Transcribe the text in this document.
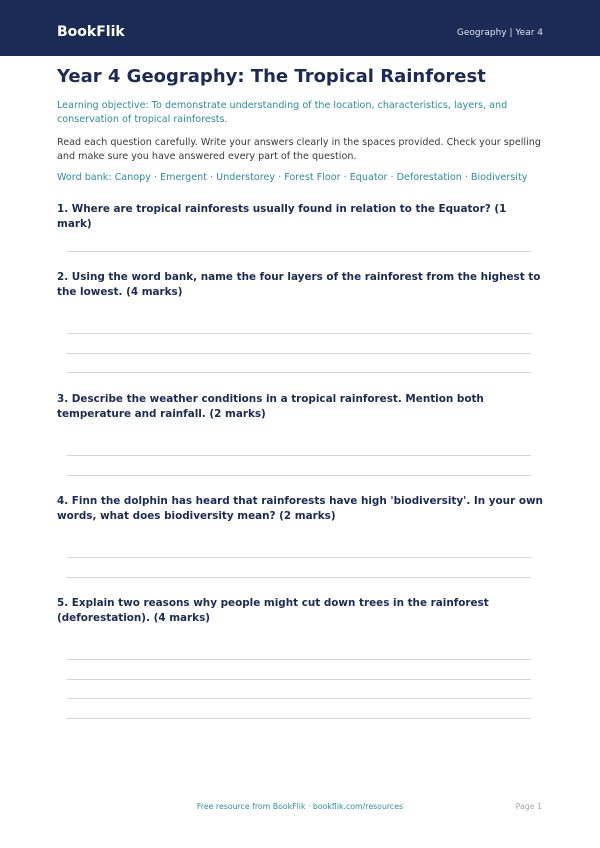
BookFlik	Geography | Year 4
Year 4 Geography: The Tropical Rainforest
Learning objective: To demonstrate understanding of the location, characteristics, layers, and conservation of tropical rainforests.
Read each question carefully. Write your answers clearly in the spaces provided. Check your spelling and make sure you have answered every part of the question.
Word bank: Canopy · Emergent · Understorey · Forest Floor · Equator · Deforestation · Biodiversity
1. Where are tropical rainforests usually found in relation to the Equator? (1 mark)
2. Using the word bank, name the four layers of the rainforest from the highest to the lowest. (4 marks)
3. Describe the weather conditions in a tropical rainforest. Mention both temperature and rainfall. (2 marks)
4. Finn the dolphin has heard that rainforests have high 'biodiversity'. In your own words, what does biodiversity mean? (2 marks)
5. Explain two reasons why people might cut down trees in the rainforest (deforestation). (4 marks)
Free resource from BookFlik · bookflik.com/resources	Page 1
